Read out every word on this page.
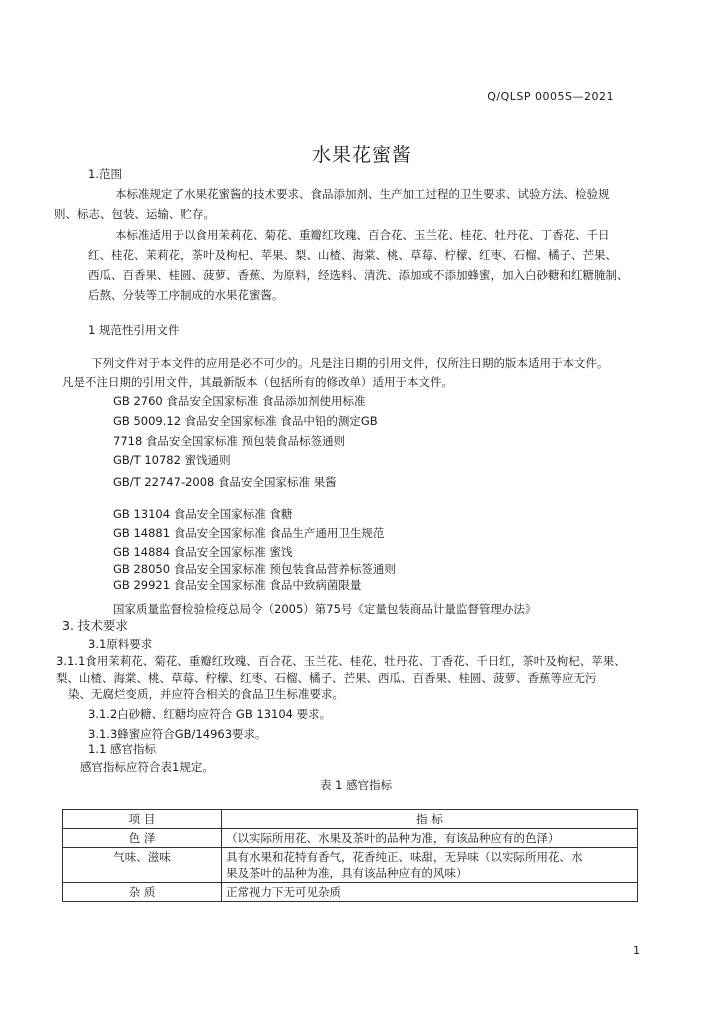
Q/QLSP 0005S—2021
水果花蜜酱
1.范围
本标准规定了水果花蜜酱的技术要求、食品添加剂、生产加工过程的卫生要求、试验方法、检验规
则、标志、包装、运输、贮存。
本标准适用于以食用茉莉花、菊花、重瓣红玫瑰、百合花、玉兰花、桂花、牡丹花、丁香花、千日
红、桂花、茉莉花，茶叶及枸杞、苹果、梨、山楂、海棠、桃、草莓、柠檬、红枣、石榴、橘子、芒果、
西瓜、百香果、桂圆、菠萝、香蕉、为原料，经选料、清洗、添加或不添加蜂蜜，加入白砂糖和红糖腌制、
后熬、分装等工序制成的水果花蜜酱。
1 规范性引用文件
下列文件对于本文件的应用是必不可少的。凡是注日期的引用文件，仅所注日期的版本适用于本文件。
凡是不注日期的引用文件，其最新版本（包括所有的修改单）适用于本文件。
GB 2760 食品安全国家标准 食品添加剂使用标准
GB 5009.12 食品安全国家标准 食品中铅的测定GB
7718 食品安全国家标准 预包装食品标签通则
GB/T 10782 蜜饯通则
GB/T 22747-2008 食品安全国家标准 果酱
GB 13104 食品安全国家标准 食糖
GB 14881 食品安全国家标准 食品生产通用卫生规范
GB 14884 食品安全国家标准 蜜饯
GB 28050 食品安全国家标准 预包装食品营养标签通则
GB 29921 食品安全国家标准 食品中致病菌限量
国家质量监督检验检疫总局令（2005）第75号《定量包装商品计量监督管理办法》
3. 技术要求
3.1原料要求
3.1.1食用茉莉花、菊花、重瓣红玫瑰、百合花、玉兰花、桂花、牡丹花、丁香花、千日红，茶叶及枸杞、苹果、
梨、山楂、海棠、桃、草莓、柠檬、红枣、石榴、橘子、芒果、西瓜、百香果、桂圆、菠萝、香蕉等应无污
染、无腐烂变质，并应符合相关的食品卫生标准要求。
3.1.2白砂糖、红糖均应符合 GB 13104 要求。
3.1.3蜂蜜应符合GB/14963要求。
1.1 感官指标
感官指标应符合表1规定。
表 1 感官指标
项 目	指 标
色 泽	（以实际所用花、水果及茶叶的品种为准，有该品种应有的色泽）
气味、滋味	具有水果和花特有香气，花香纯正、味甜，无异味（以实际所用花、水
果及茶叶的品种为准，具有该品种应有的风味）

杂 质	正常视力下无可见杂质
1
